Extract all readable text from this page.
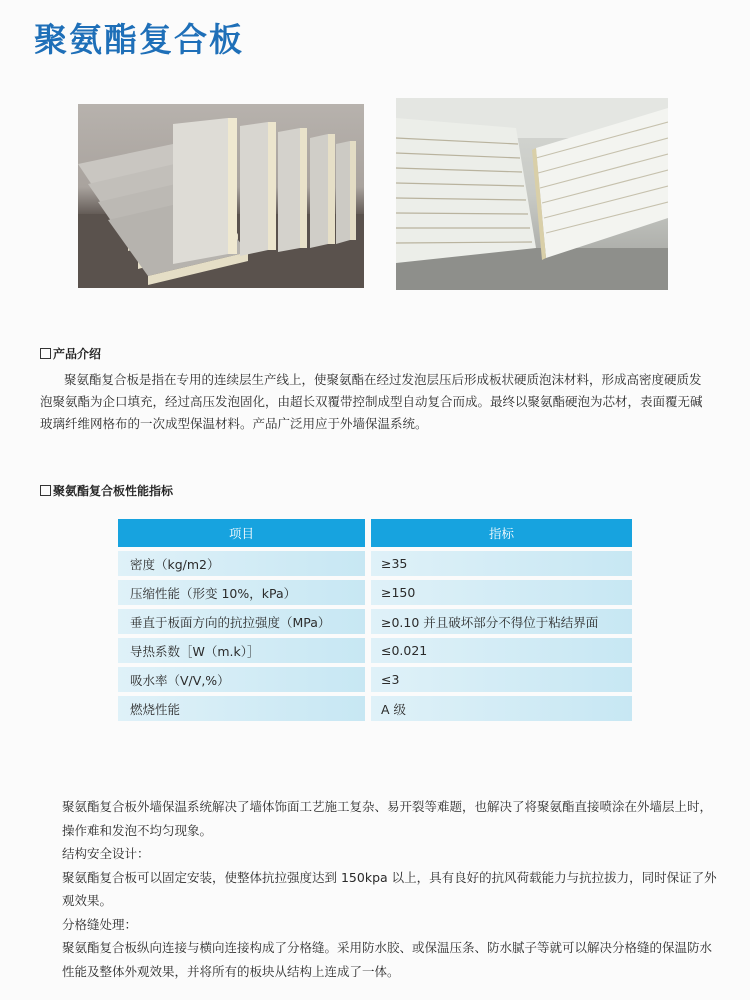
聚氨酯复合板
产品介绍
聚氨酯复合板是指在专用的连续层生产线上，使聚氨酯在经过发泡层压后形成板状硬质泡沫材料，形成高密度硬质发泡聚氨酯为企口填充，经过高压发泡固化，由超长双覆带控制成型自动复合而成。最终以聚氨酯硬泡为芯材，表面覆无碱玻璃纤维网格布的一次成型保温材料。产品广泛用应于外墙保温系统。
聚氨酯复合板性能指标
项目	指标
密度（kg/m2）	≥35
压缩性能（形变 10%，kPa）	≥150
垂直于板面方向的抗拉强度（MPa）	≥0.10 并且破坏部分不得位于粘结界面
导热系数［W（m.k）］	≤0.021
吸水率（V/V,%）	≤3
燃烧性能	A 级

聚氨酯复合板外墙保温系统解决了墙体饰面工艺施工复杂、易开裂等难题，也解决了将聚氨酯直接喷涂在外墙层上时，操作难和发泡不均匀现象。

结构安全设计：

聚氨酯复合板可以固定安装，使整体抗拉强度达到 150kpa 以上，具有良好的抗风荷载能力与抗拉拔力，同时保证了外观效果。

分格缝处理：

聚氨酯复合板纵向连接与横向连接构成了分格缝。采用防水胶、或保温压条、防水腻子等就可以解决分格缝的保温防水性能及整体外观效果，并将所有的板块从结构上连成了一体。
